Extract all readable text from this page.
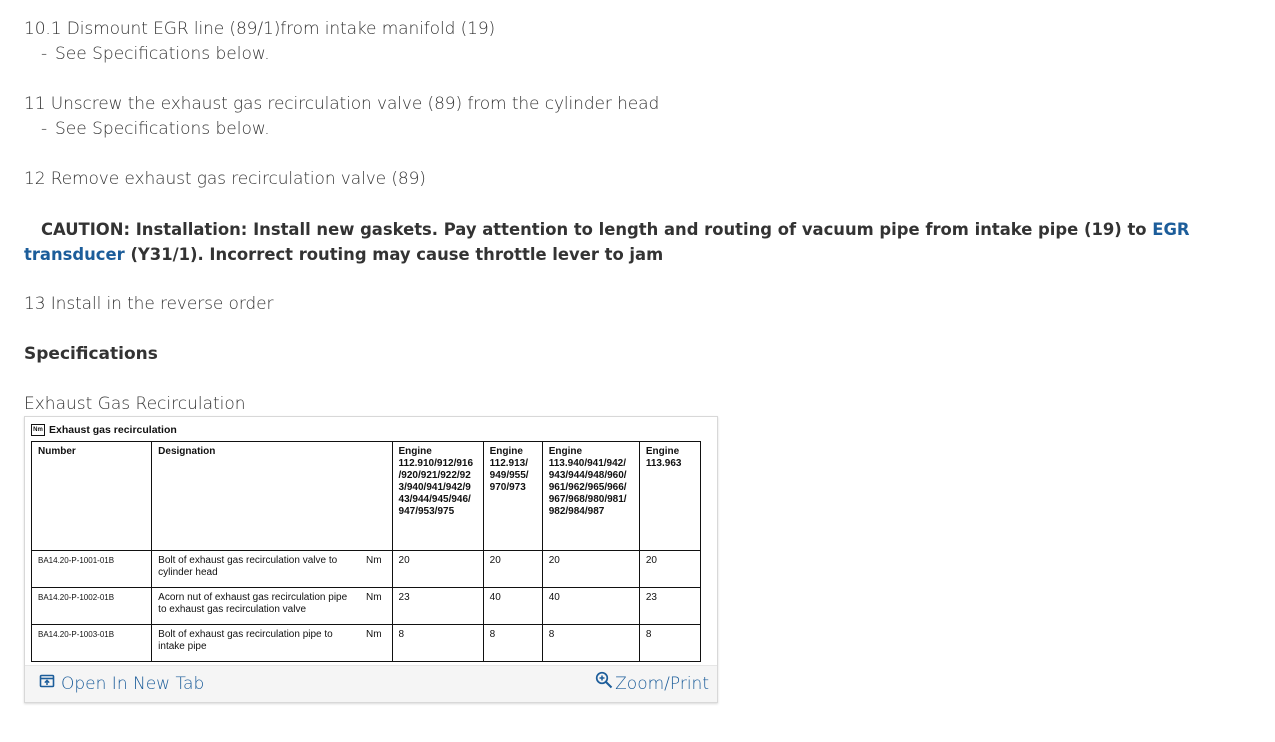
10.1 Dismount EGR line (89/1)from intake manifold (19)
- See Specifications below.
11 Unscrew the exhaust gas recirculation valve (89) from the cylinder head
- See Specifications below.
12 Remove exhaust gas recirculation valve (89)
CAUTION: Installation: Install new gaskets. Pay attention to length and routing of vacuum pipe from intake pipe (19) to EGR transducer (Y31/1). Incorrect routing may cause throttle lever to jam
13 Install in the reverse order
Specifications
Exhaust Gas Recirculation
Nm Exhaust gas recirculation
Number	Designation		Engine 112.910/912/916 /920/921/922/92 3/940/941/942/9 43/944/945/946/ 947/953/975	Engine 112.913/ 949/955/ 970/973	Engine 113.940/941/942/ 943/944/948/960/ 961/962/965/966/ 967/968/980/981/ 982/984/987	Engine 113.963
BA14.20-P-1001-01B	Bolt of exhaust gas recirculation valve to cylinder head	Nm	20	20	20	20
BA14.20-P-1002-01B	Acorn nut of exhaust gas recirculation pipe to exhaust gas recirculation valve	Nm	23	40	40	23
BA14.20-P-1003-01B	Bolt of exhaust gas recirculation pipe to intake pipe	Nm	8	8	8	8
Open In New Tab	Zoom/Print
